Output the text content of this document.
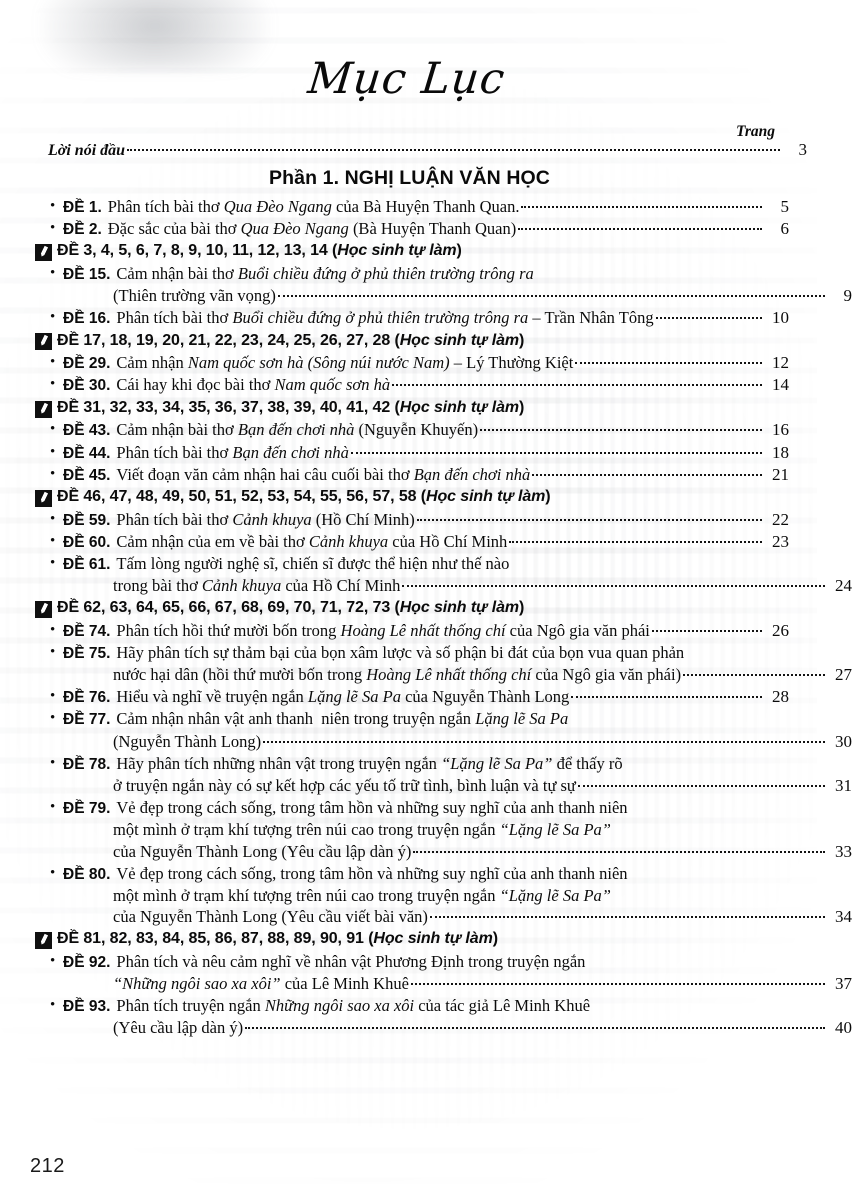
Mục Lục
Trang
Lời nói đầu	3
Phần 1. NGHỊ LUẬN VĂN HỌC
• ĐỀ 1. Phân tích bài thơ Qua Đèo Ngang của Bà Huyện Thanh Quan.	5
• ĐỀ 2. Đặc sắc của bài thơ Qua Đèo Ngang (Bà Huyện Thanh Quan)	6
ĐỀ 3, 4, 5, 6, 7, 8, 9, 10, 11, 12, 13, 14 ( Học sinh tự làm )
• ĐỀ 15. Cảm nhận bài thơ Buổi chiều đứng ở phủ thiên trường trông ra
(Thiên trường vãn vọng)	9
• ĐỀ 16. Phân tích bài thơ Buổi chiều đứng ở phủ thiên trường trông ra – Trần Nhân Tông	10
ĐỀ 17, 18, 19, 20, 21, 22, 23, 24, 25, 26, 27, 28 ( Học sinh tự làm )
• ĐỀ 29. Cảm nhận Nam quốc sơn hà (Sông núi nước Nam) – Lý Thường Kiệt	12
• ĐỀ 30. Cái hay khi đọc bài thơ Nam quốc sơn hà	14
ĐỀ 31, 32, 33, 34, 35, 36, 37, 38, 39, 40, 41, 42 ( Học sinh tự làm )
• ĐỀ 43. Cảm nhận bài thơ Bạn đến chơi nhà (Nguyễn Khuyến)	16
• ĐỀ 44. Phân tích bài thơ Bạn đến chơi nhà	18
• ĐỀ 45. Viết đoạn văn cảm nhận hai câu cuối bài thơ Bạn đến chơi nhà	21
ĐỀ 46, 47, 48, 49, 50, 51, 52, 53, 54, 55, 56, 57, 58 ( Học sinh tự làm )
• ĐỀ 59. Phân tích bài thơ Cảnh khuya (Hồ Chí Minh)	22
• ĐỀ 60. Cảm nhận của em về bài thơ Cảnh khuya của Hồ Chí Minh	23
• ĐỀ 61. Tấm lòng người nghệ sĩ, chiến sĩ được thể hiện như thế nào
trong bài thơ Cảnh khuya của Hồ Chí Minh	24
ĐỀ 62, 63, 64, 65, 66, 67, 68, 69, 70, 71, 72, 73 ( Học sinh tự làm )
• ĐỀ 74. Phân tích hồi thứ mười bốn trong Hoàng Lê nhất thống chí của Ngô gia văn phái	26
• ĐỀ 75. Hãy phân tích sự thảm bại của bọn xâm lược và số phận bi đát của bọn vua quan phản
nước hại dân (hồi thứ mười bốn trong Hoàng Lê nhất thống chí của Ngô gia văn phái)	27
• ĐỀ 76. Hiểu và nghĩ về truyện ngắn Lặng lẽ Sa Pa của Nguyễn Thành Long	28
• ĐỀ 77. Cảm nhận nhân vật anh thanh  niên trong truyện ngắn Lặng lẽ Sa Pa
(Nguyễn Thành Long)	30
• ĐỀ 78. Hãy phân tích những nhân vật trong truyện ngắn “Lặng lẽ Sa Pa” để thấy rõ
ở truyện ngắn này có sự kết hợp các yếu tố trữ tình, bình luận và tự sự	31
• ĐỀ 79. Vẻ đẹp trong cách sống, trong tâm hồn và những suy nghĩ của anh thanh niên
một mình ở trạm khí tượng trên núi cao trong truyện ngắn “Lặng lẽ Sa Pa”
của Nguyễn Thành Long (Yêu cầu lập dàn ý)	33
• ĐỀ 80. Vẻ đẹp trong cách sống, trong tâm hồn và những suy nghĩ của anh thanh niên
một mình ở trạm khí tượng trên núi cao trong truyện ngắn “Lặng lẽ Sa Pa”
của Nguyễn Thành Long (Yêu cầu viết bài văn)	34
ĐỀ 81, 82, 83, 84, 85, 86, 87, 88, 89, 90, 91 ( Học sinh tự làm )
• ĐỀ 92. Phân tích và nêu cảm nghĩ về nhân vật Phương Định trong truyện ngắn
“Những ngôi sao xa xôi” của Lê Minh Khuê	37
• ĐỀ 93. Phân tích truyện ngắn Những ngôi sao xa xôi của tác giả Lê Minh Khuê
(Yêu cầu lập dàn ý)	40
212
